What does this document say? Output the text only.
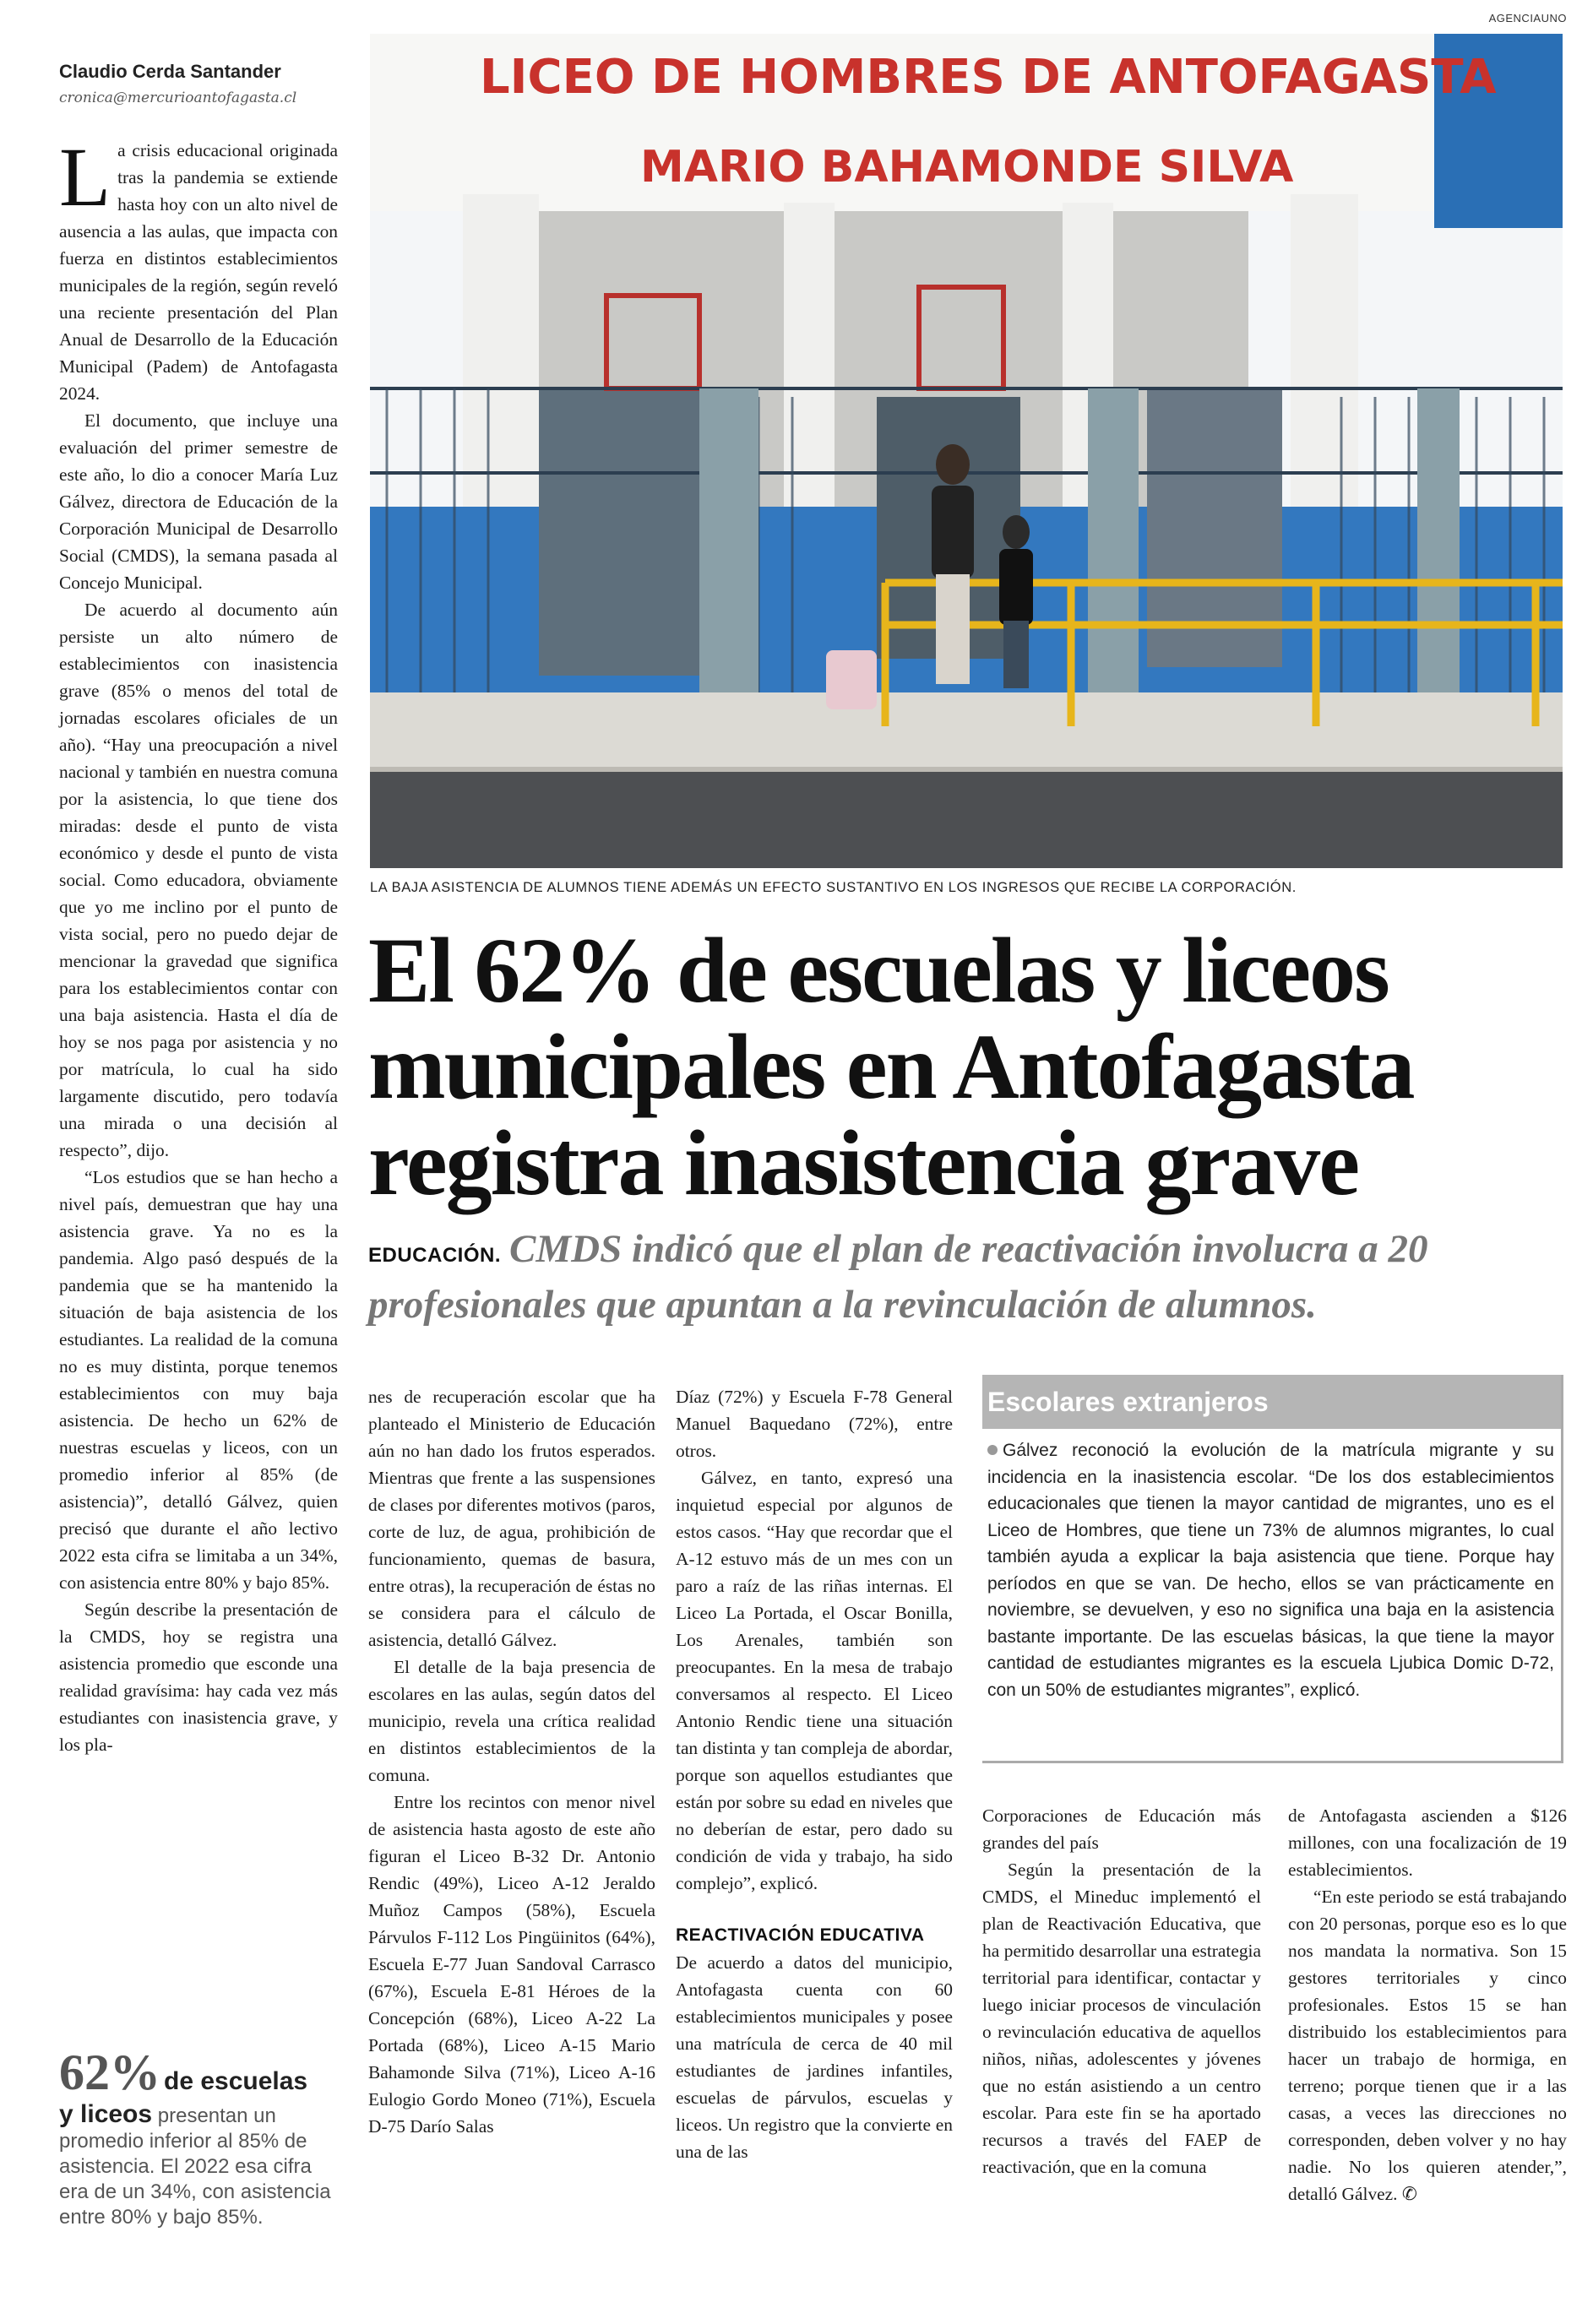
AGENCIAUNO
Claudio Cerda Santander
cronica@mercurioantofagasta.cl

La crisis educacional originada tras la pandemia se extiende hasta hoy con un alto nivel de ausencia a las aulas, que impacta con fuerza en distintos establecimientos municipales de la región, según reveló una reciente presentación del Plan Anual de Desarrollo de la Educación Municipal (Padem) de Antofagasta 2024.

El documento, que incluye una evaluación del primer semestre de este año, lo dio a conocer María Luz Gálvez, directora de Educación de la Corporación Municipal de Desarrollo Social (CMDS), la semana pasada al Concejo Municipal.

De acuerdo al documento aún persiste un alto número de establecimientos con inasistencia grave (85% o menos del total de jornadas escolares oficiales de un año). “Hay una preocupación a nivel nacional y también en nuestra comuna por la asistencia, lo que tiene dos miradas: desde el punto de vista económico y desde el punto de vista social. Como educadora, obviamente que yo me inclino por el punto de vista social, pero no puedo dejar de mencionar la gravedad que significa para los establecimientos contar con una baja asistencia. Hasta el día de hoy se nos paga por asistencia y no por matrícula, lo cual ha sido largamente discutido, pero todavía una mirada o una decisión al respecto”, dijo.

“Los estudios que se han hecho a nivel país, demuestran que hay una asistencia grave. Ya no es la pandemia. Algo pasó después de la pandemia que se ha mantenido la situación de baja asistencia de los estudiantes. La realidad de la comuna no es muy distinta, porque tenemos establecimientos con muy baja asistencia. De hecho un 62% de nuestras escuelas y liceos, con un promedio inferior al 85% (de asistencia)”, detalló Gálvez, quien precisó que durante el año lectivo 2022 esta cifra se limitaba a un 34%, con asistencia entre 80% y bajo 85%.

Según describe la presentación de la CMDS, hoy se registra una asistencia promedio que esconde una realidad gravísima: hay cada vez más estudiantes con inasistencia grave, y los pla-

62% de escuelas
y liceos presentan un promedio inferior al 85% de asistencia. El 2022 esa cifra era de un 34%, con asistencia entre 80% y bajo 85%.
LICEO DE HOMBRES DE ANTOFAGASTA
MARIO BAHAMONDE SILVA
LA BAJA ASISTENCIA DE ALUMNOS TIENE ADEMÁS UN EFECTO SUSTANTIVO EN LOS INGRESOS QUE RECIBE LA CORPORACIÓN.
El 62% de escuelas y liceos municipales en Antofagasta registra inasistencia grave
EDUCACIÓN. CMDS indicó que el plan de reactivación involucra a 20 profesionales que apuntan a la revinculación de alumnos.

nes de recuperación escolar que ha planteado el Ministerio de Educación aún no han dado los frutos esperados. Mientras que frente a las suspensiones de clases por diferentes motivos (paros, corte de luz, de agua, prohibición de funcionamiento, quemas de basura, entre otras), la recuperación de éstas no se considera para el cálculo de asistencia, detalló Gálvez.

El detalle de la baja presencia de escolares en las aulas, según datos del municipio, revela una crítica realidad en distintos establecimientos de la comuna.

Entre los recintos con menor nivel de asistencia hasta agosto de este año figuran el Liceo B-32 Dr. Antonio Rendic (49%), Liceo A-12 Jeraldo Muñoz Campos (58%), Escuela Párvulos F-112 Los Pingüinitos (64%), Escuela E-77 Juan Sandoval Carrasco (67%), Escuela E-81 Héroes de la Concepción (68%), Liceo A-22 La Portada (68%), Liceo A-15 Mario Bahamonde Silva (71%), Liceo A-16 Eulogio Gordo Moneo (71%), Escuela D-75 Darío Salas

Díaz (72%) y Escuela F-78 General Manuel Baquedano (72%), entre otros.

Gálvez, en tanto, expresó una inquietud especial por algunos de estos casos. “Hay que recordar que el A-12 estuvo más de un mes con un paro a raíz de las riñas internas. El Liceo La Portada, el Oscar Bonilla, Los Arenales, también son preocupantes. En la mesa de trabajo conversamos al respecto. El Liceo Antonio Rendic tiene una situación tan distinta y tan compleja de abordar, porque son aquellos estudiantes que están por sobre su edad en niveles que no deberían de estar, pero dado su condición de vida y trabajo, ha sido complejo”, explicó.

REACTIVACIÓN EDUCATIVA

De acuerdo a datos del municipio, Antofagasta cuenta con 60 establecimientos municipales y posee una matrícula de cerca de 40 mil estudiantes de jardines infantiles, escuelas de párvulos, escuelas y liceos. Un registro que la convierte en una de las

Escolares extranjeros
Gálvez reconoció la evolución de la matrícula migrante y su incidencia en la inasistencia escolar. “De los dos establecimientos educacionales que tienen la mayor cantidad de migrantes, uno es el Liceo de Hombres, que tiene un 73% de alumnos migrantes, lo cual también ayuda a explicar la baja asistencia que tiene. Porque hay períodos en que se van. De hecho, ellos se van prácticamente en noviembre, se devuelven, y eso no significa una baja en la asistencia bastante importante. De las escuelas básicas, la que tiene la mayor cantidad de estudiantes migrantes es la escuela Ljubica Domic D-72, con un 50% de estudiantes migrantes”, explicó.

Corporaciones de Educación más grandes del país

Según la presentación de la CMDS, el Mineduc implementó el plan de Reactivación Educativa, que ha permitido desarrollar una estrategia territorial para identificar, contactar y luego iniciar procesos de vinculación o revinculación educativa de aquellos niños, niñas, adolescentes y jóvenes que no están asistiendo a un centro escolar. Para este fin se ha aportado recursos a través del FAEP de reactivación, que en la comuna

de Antofagasta ascienden a $126 millones, con una focalización de 19 establecimientos.

“En este periodo se está trabajando con 20 personas, porque eso es lo que nos mandata la normativa. Son 15 gestores territoriales y cinco profesionales. Estos 15 se han distribuido los establecimientos para hacer un trabajo de hormiga, en terreno; porque tienen que ir a las casas, a veces las direcciones no corresponden, deben volver y no hay nadie. No los quieren atender,”, detalló Gálvez. ✆
